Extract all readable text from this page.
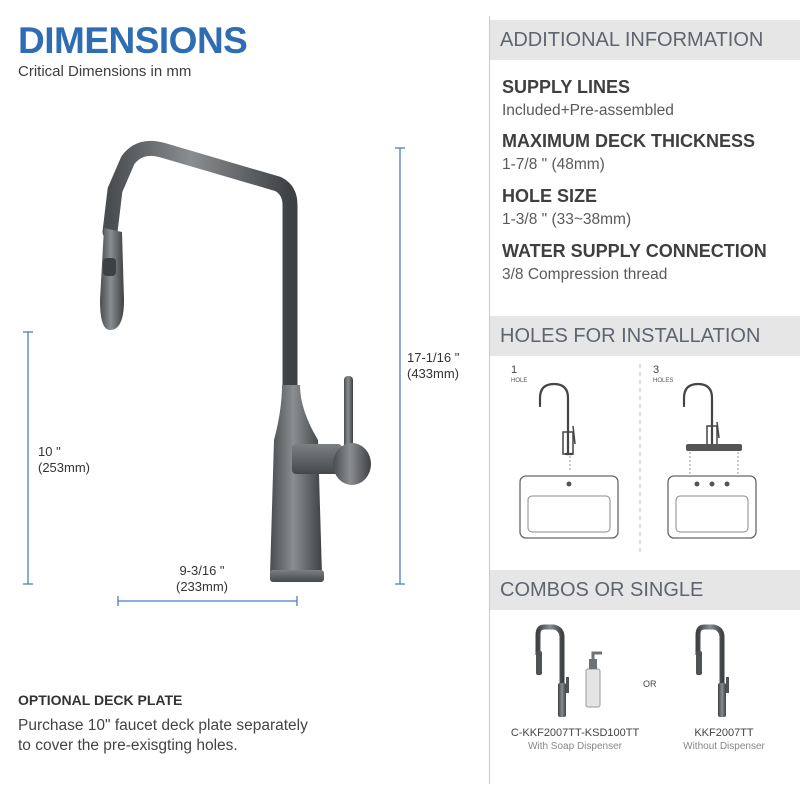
DIMENSIONS
Critical Dimensions in mm
10 "
(253mm)
17-1/16 "
(433mm)
9-3/16 "
(233mm)
OPTIONAL DECK PLATE
Purchase 10" faucet deck plate separately
to cover the pre-exisgting holes.
ADDITIONAL INFORMATION
SUPPLY LINES
Included+Pre-assembled
MAXIMUM DECK THICKNESS
1-7/8 " (48mm)
HOLE SIZE
1-3/8 " (33~38mm)
WATER SUPPLY CONNECTION
3/8 Compression thread
HOLES FOR INSTALLATION
1
HOLE
3
HOLES
COMBOS OR SINGLE
OR
C-KKF2007TT-KSD100TT
With Soap Dispenser
KKF2007TT
Without Dispenser
